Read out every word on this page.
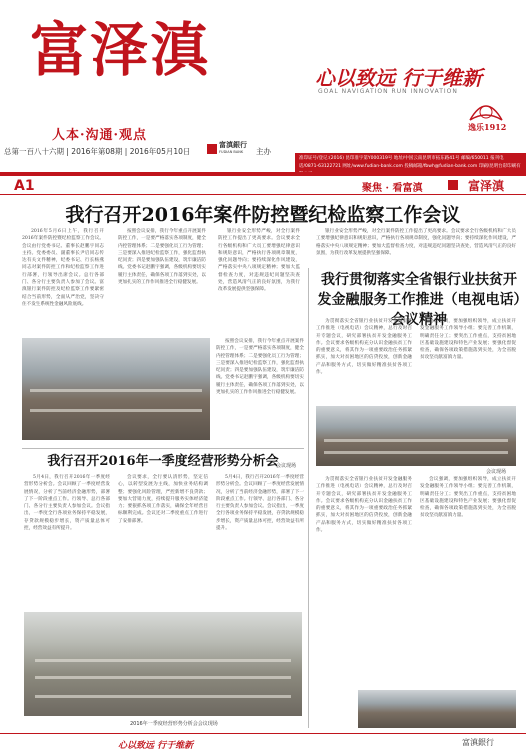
富泽滇
人本·沟通·观点
心以致远 行于维新
GOAL NAVIGATION RUN INNOVATION
逸乐1912
总第一百八十六期 | 2016年第08期 | 2016年05月10日
富滇銀行
FUDIAN BANK	主办
准印证号/登记:(2016) 昆印准字第Y000319号 地址/中国云南昆明市拓东路41号 邮编/650011 报刊电话/0871-63122721 网址/www.fudian-bank.com 投稿邮箱/fbwh@fudian-bank.com 印刷/昆明台彩印刷有
A1	聚焦 · 看富滇	富泽滇
我行召开2016年案件防控暨纪检监察工作会议
2016年5月6日上午，我行召开2016年案件防控暨纪检监察工作会议。会议由行党委书记、董事长赵鹏宇同志主持。党委委员、副董事长尹启同志传达有关文件精神，纪委书记、行长杨燕同志对案件防控工作和纪检监察工作进行部署，行领导出席会议。总行各部门、各分行主要负责人参加了会议。富滇银行案件防控及纪检监察工作要紧密结合当前形势，全面从严治党，坚决守住不发生系统性金融风险底线。
按照会议安排，我行今年重点开展案件防控工作，一是要严格落实各项制度，健全内控管理体系；二是要强化员工行为管理；三是要深入推进纪检监察工作，强化监督执纪问责；四是要加强队伍建设，筑牢廉洁防线。党委书记赵鹏宇强调，各级机构要切实履行主体责任，确保各项工作落到实处，以更加扎实的工作作风推进全行稳健发展。
银行业安全形势严峻，对全行案件防控工作提出了更高要求。会议要求全行各级机构和广大员工要增强纪律意识和规矩意识，严格执行各项规章制度，强化问题导向；要持续深化作风建设，严格落实中央八项规定精神；要加大监督检查力度，对违规违纪问题坚决查处，营造风清气正的良好氛围，为我行改革发展提供坚强保障。
银行业安全形势严峻，对全行案件防控工作提出了更高要求。会议要求全行各级机构和广大员工要增强纪律意识和规矩意识，严格执行各项规章制度，强化问题导向；要持续深化作风建设，严格落实中央八项规定精神；要加大监督检查力度，对违规违纪问题坚决查处，营造风清气正的良好氛围，为我行改革发展提供坚强保障。
按照会议安排，我行今年重点开展案件防控工作，一是要严格落实各项制度，健全内控管理体系；二是要强化员工行为管理；三是要深入推进纪检监察工作，强化监督执纪问责；四是要加强队伍建设，筑牢廉洁防线。党委书记赵鹏宇强调，各级机构要切实履行主体责任，确保各项工作落到实处，以更加扎实的工作作风推进全行稳健发展。
会议现场
我行召开2016年一季度经营形势分析会
5月4日，我行召开2016年一季度经营形势分析会。会议回顾了一季度经营发展情况，分析了当前经济金融形势，部署了下一阶段重点工作。行领导、总行各部门、各分行主要负责人参加会议。会议指出，一季度全行各项业务保持平稳发展，存贷款规模稳步增长，资产质量总体可控，经营效益有所提升。
会议要求，全行要认清形势，坚定信心，以转型发展为主线，加快业务结构调整；要强化风险管理，严控新增不良贷款；要加大营销力度，持续提升服务实体经济能力；要狠抓各项工作落实，确保全年经营目标顺利完成。会议还对二季度重点工作进行了安排部署。
5月4日，我行召开2016年一季度经营形势分析会。会议回顾了一季度经营发展情况，分析了当前经济金融形势，部署了下一阶段重点工作。行领导、总行各部门、各分行主要负责人参加会议。会议指出，一季度全行各项业务保持平稳发展，存贷款规模稳步增长，资产质量总体可控，经营效益有所提升。
2016年一季度经营形势分析会会议现场
我行贯彻落实全省银行业扶贫开发金融服务工作推进（电视电话）会议精神
为贯彻落实全省银行业扶贫开发金融服务工作推进（电视电话）会议精神，总行及时召开专题会议，研究部署扶贫开发金融服务工作。会议要求各级机构充分认识金融扶贫工作的重要意义，将其作为一项重要政治任务抓紧抓实，加大对贫困地区的信贷投放，创新金融产品和服务方式，切实做好精准扶贫各项工作。
会议强调，要加强组织领导，成立扶贫开发金融服务工作领导小组；要完善工作机制，明确责任分工；要突出工作重点，支持贫困地区基础设施建设和特色产业发展；要强化督促检查，确保各项政策措施落到实处，为全省脱贫攻坚贡献富滇力量。
会议现场
为贯彻落实全省银行业扶贫开发金融服务工作推进（电视电话）会议精神，总行及时召开专题会议，研究部署扶贫开发金融服务工作。会议要求各级机构充分认识金融扶贫工作的重要意义，将其作为一项重要政治任务抓紧抓实，加大对贫困地区的信贷投放，创新金融产品和服务方式，切实做好精准扶贫各项工作。
会议强调，要加强组织领导，成立扶贫开发金融服务工作领导小组；要完善工作机制，明确责任分工；要突出工作重点，支持贫困地区基础设施建设和特色产业发展；要强化督促检查，确保各项政策措施落到实处，为全省脱贫攻坚贡献富滇力量。
心以致远 行于维新	富滇銀行
